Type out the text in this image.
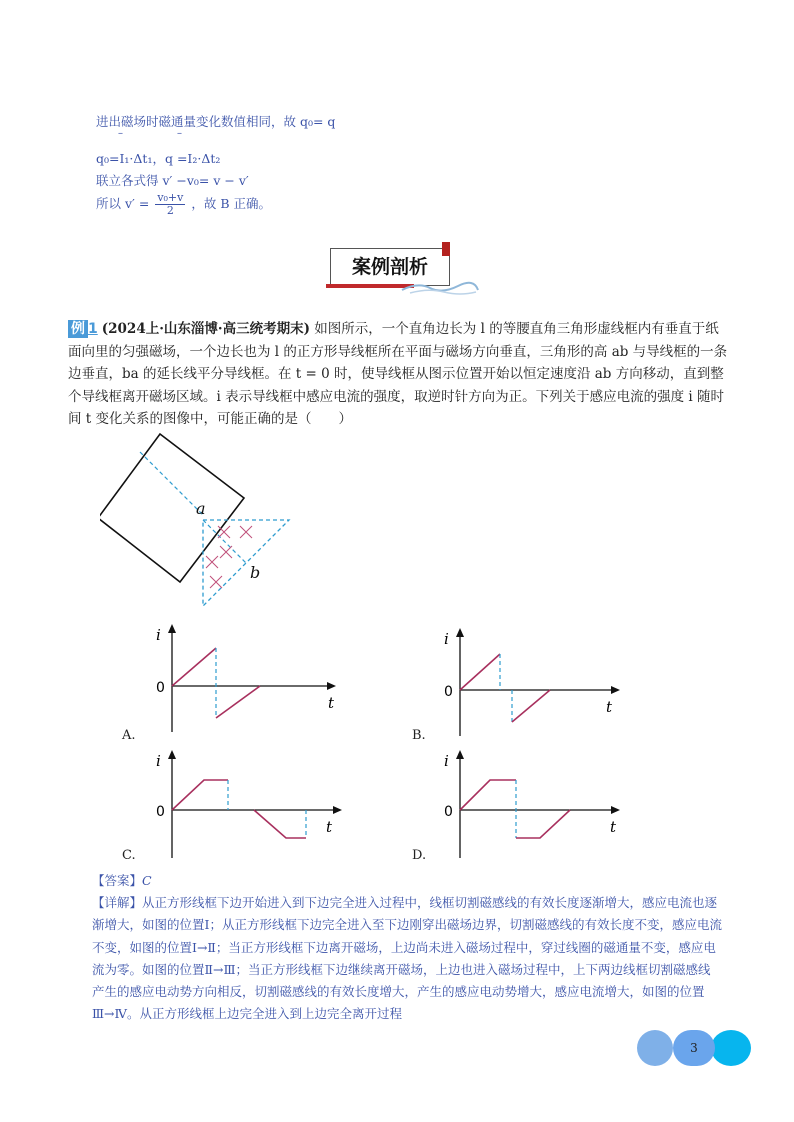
进出磁场时磁通量变化数值相同，故 q₀= q
–	–
q₀=I₁·Δt₁，q =I₂·Δt₂
联立各式得 v′ −v₀= v − v′
所以 $v' = \frac{\text{v₀+v}}{2}$ ，故 B 正确。
案例剖析
例 1 (2024上·山东淄博·高三统考期末) 如图所示，一个直角边长为 l 的等腰直角三角形虚线框内有垂直于纸面向里的匀强磁场，一个边长也为 l 的正方形导线框所在平面与磁场方向垂直，三角形的高 ab 与导线框的一条边垂直，ba 的延长线平分导线框。在 t = 0 时，使导线框从图示位置开始以恒定速度沿 ab 方向移动，直到整个导线框离开磁场区域。i 表示导线框中感应电流的强度，取逆时针方向为正。下列关于感应电流的强度 i 随时间 t 变化关系的图像中，可能正确的是（　　）
a
b
i
t
0
A.
i
t
0
B.
i
t
0
C.
i
t
0
D.
【答案】C
【详解】从正方形线框下边开始进入到下边完全进入过程中，线框切割磁感线的有效长度逐渐增大，感应电流也逐渐增大，如图的位置Ⅰ；从正方形线框下边完全进入至下边刚穿出磁场边界，切割磁感线的有效长度不变，感应电流不变，如图的位置Ⅰ→Ⅱ；当正方形线框下边离开磁场，上边尚未进入磁场过程中，穿过线圈的磁通量不变，感应电流为零。如图的位置Ⅱ→Ⅲ；当正方形线框下边继续离开磁场，上边也进入磁场过程中，上下两边线框切割磁感线产生的感应电动势方向相反，切割磁感线的有效长度增大，产生的感应电动势增大，感应电流增大，如图的位置Ⅲ→Ⅳ。从正方形线框上边完全进入到上边完全离开过程
3
